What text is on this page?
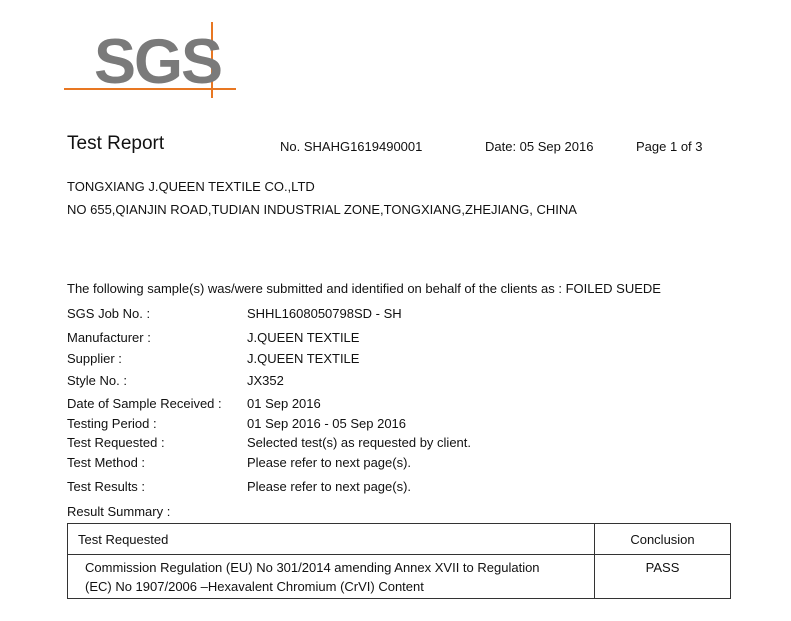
SGS
Test Report	No. SHAHG1619490001	Date: 05 Sep 2016	Page 1 of 3
TONGXIANG J.QUEEN TEXTILE CO.,LTD
NO 655,QIANJIN ROAD,TUDIAN INDUSTRIAL ZONE,TONGXIANG,ZHEJIANG, CHINA
The following sample(s) was/were submitted and identified on behalf of the clients as : FOILED SUEDE
SGS Job No. :	SHHL1608050798SD - SH
Manufacturer :	J.QUEEN TEXTILE
Supplier :	J.QUEEN TEXTILE
Style No. :	JX352
Date of Sample Received : 01 Sep 2016
Testing Period :	01 Sep 2016 - 05 Sep 2016
Test Requested :	Selected test(s) as requested by client.
Test Method :	Please refer to next page(s).
Test Results :	Please refer to next page(s).
Result Summary :
Test Requested	Conclusion

Commission Regulation (EU) No 301/2014 amending Annex XVII to Regulation
(EC) No 1907/2006 –Hexavalent Chromium (CrVI) Content	PASS
